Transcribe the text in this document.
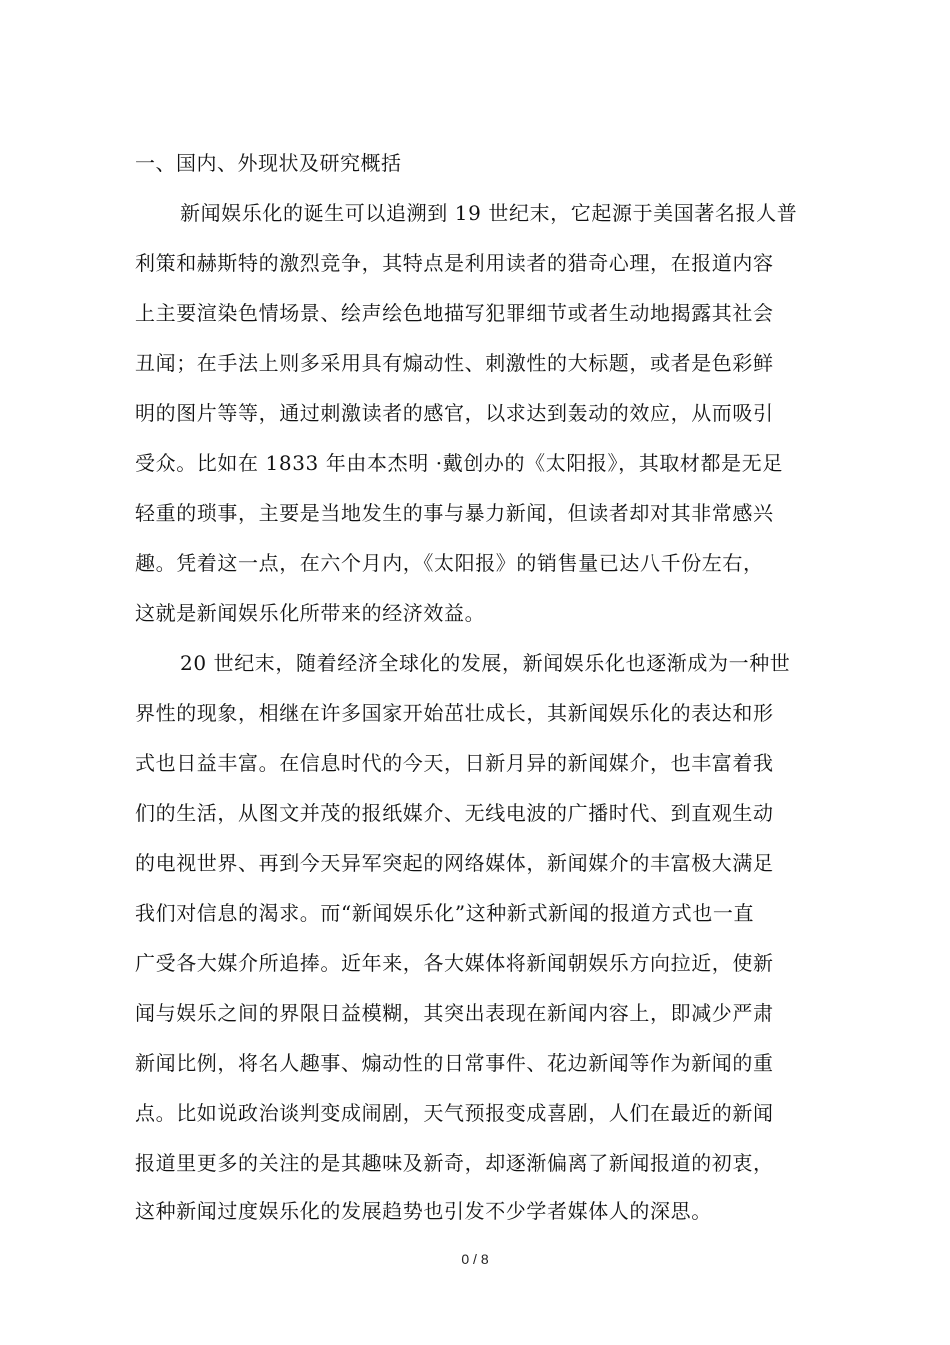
一、国内、外现状及研究概括
新闻娱乐化的诞生可以追溯到 19 世纪末，它起源于美国著名报人普
利策和赫斯特的激烈竞争，其特点是利用读者的猎奇心理，在报道内容
上主要渲染色情场景、绘声绘色地描写犯罪细节或者生动地揭露其社会
丑闻；在手法上则多采用具有煽动性、刺激性的大标题，或者是色彩鲜
明的图片等等，通过刺激读者的感官，以求达到轰动的效应，从而吸引
受众。比如在 1833 年由本杰明 ·戴创办的《太阳报》，其取材都是无足
轻重的琐事，主要是当地发生的事与暴力新闻，但读者却对其非常感兴
趣。凭着这一点，在六个月内，《太阳报》的销售量已达八千份左右，
这就是新闻娱乐化所带来的经济效益。
20 世纪末，随着经济全球化的发展，新闻娱乐化也逐渐成为一种世
界性的现象，相继在许多国家开始茁壮成长，其新闻娱乐化的表达和形
式也日益丰富。在信息时代的今天，日新月异的新闻媒介，也丰富着我
们的生活，从图文并茂的报纸媒介、无线电波的广播时代、到直观生动
的电视世界、再到今天异军突起的网络媒体，新闻媒介的丰富极大满足
我们对信息的渴求。而“新闻娱乐化”这种新式新闻的报道方式也一直
广受各大媒介所追捧。近年来，各大媒体将新闻朝娱乐方向拉近，使新
闻与娱乐之间的界限日益模糊，其突出表现在新闻内容上，即减少严肃
新闻比例，将名人趣事、煽动性的日常事件、花边新闻等作为新闻的重
点。比如说政治谈判变成闹剧，天气预报变成喜剧，人们在最近的新闻
报道里更多的关注的是其趣味及新奇，却逐渐偏离了新闻报道的初衷，
这种新闻过度娱乐化的发展趋势也引发不少学者媒体人的深思。
0 / 8
